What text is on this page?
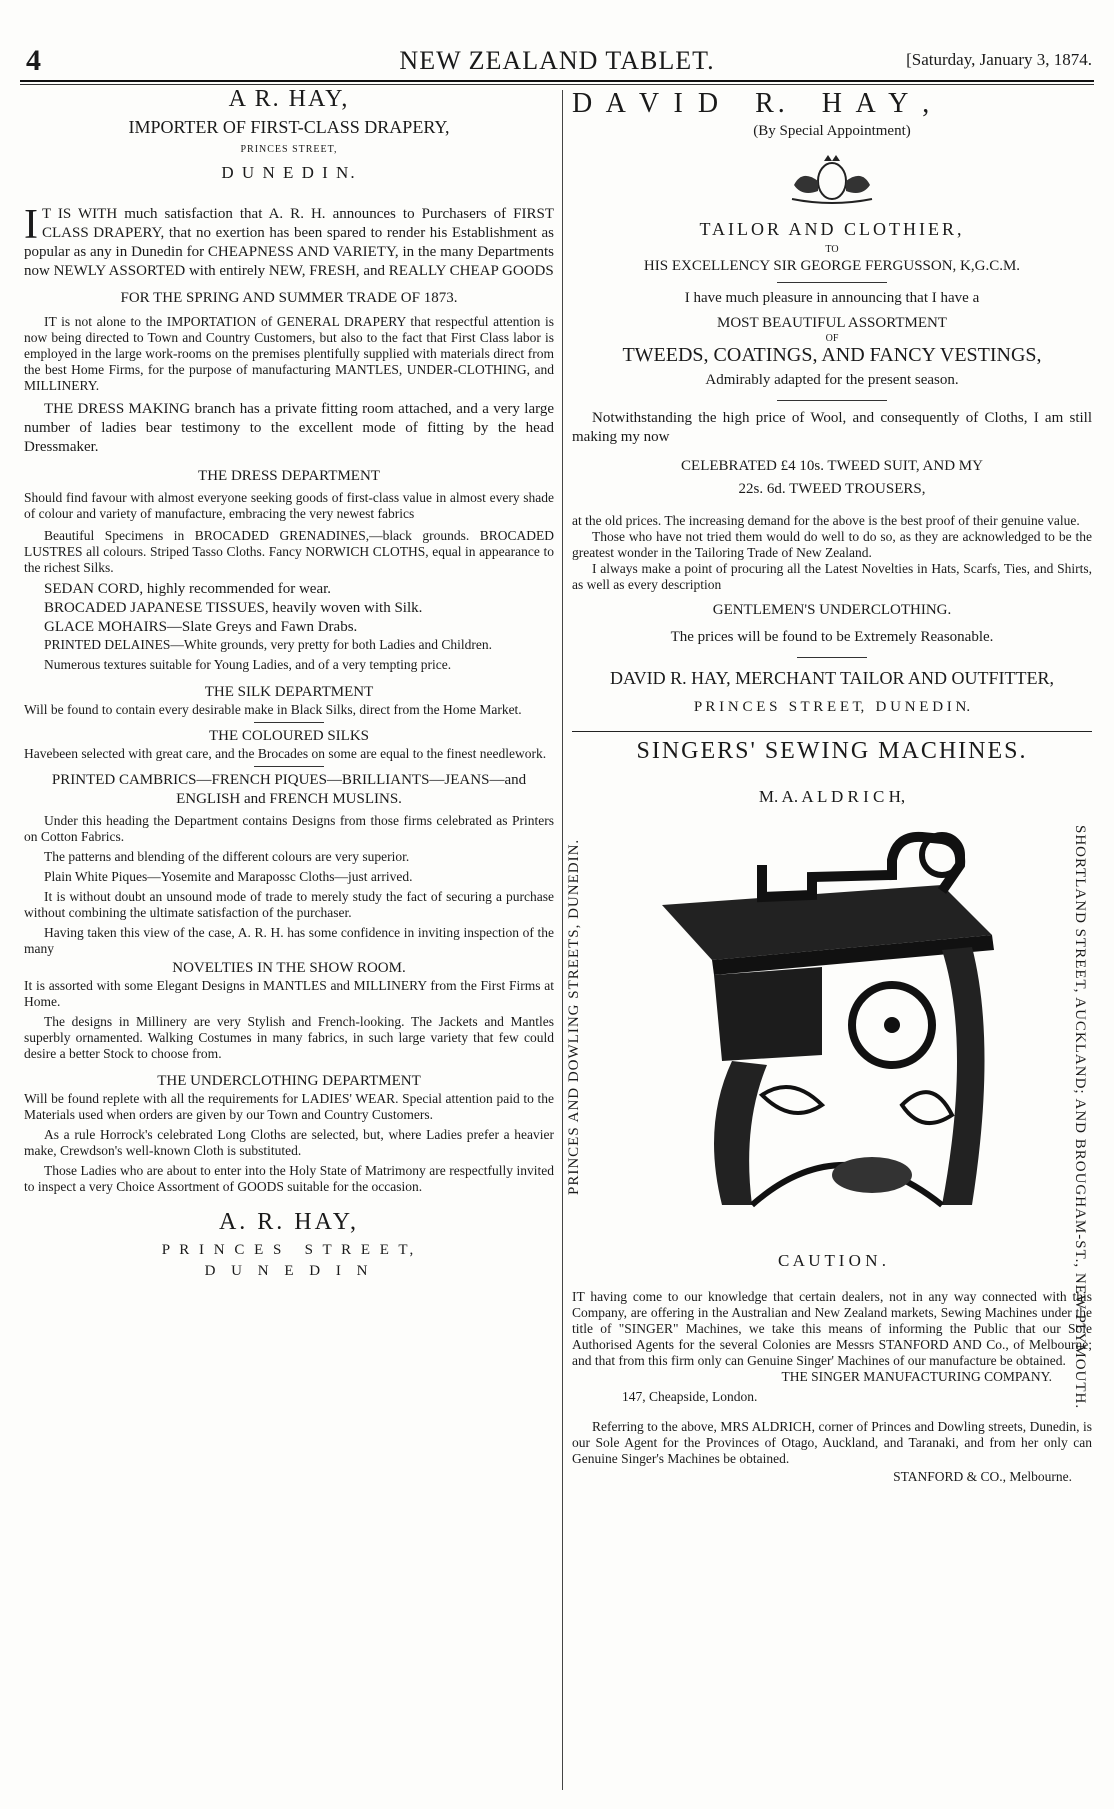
4	NEW ZEALAND TABLET.	[Saturday, January 3, 1874.

A R. HAY,

IMPORTER OF FIRST-CLASS DRAPERY,

PRINCES STREET,

D U N E D I N.

I T IS WITH much satisfaction that A. R. H. announces to Purchasers of FIRST CLASS DRAPERY, that no exertion has been spared to render his Establishment as popular as any in Dunedin for CHEAPNESS AND VARIETY, in the many Departments now NEWLY ASSORTED with entirely NEW, FRESH, and REALLY CHEAP GOODS

FOR THE SPRING AND SUMMER TRADE OF 1873.

IT is not alone to the IMPORTATION of GENERAL DRAPERY that respectful attention is now being directed to Town and Country Customers, but also to the fact that First Class labor is employed in the large work-rooms on the premises plentifully supplied with materials direct from the best Home Firms, for the purpose of manufacturing MANTLES, UNDER-CLOTHING, and MILLINERY.

THE DRESS MAKING branch has a private fitting room attached, and a very large number of ladies bear testimony to the excellent mode of fitting by the head Dressmaker.

THE DRESS DEPARTMENT

Should find favour with almost everyone seeking goods of first-class value in almost every shade of colour and variety of manufacture, embracing the very newest fabrics

Beautiful Specimens in BROCADED GRENADINES,—black grounds. BROCADED LUSTRES all colours. Striped Tasso Cloths. Fancy NORWICH CLOTHS, equal in appearance to the richest Silks.

SEDAN CORD, highly recommended for wear.

BROCADED JAPANESE TISSUES, heavily woven with Silk.

GLACE MOHAIRS—Slate Greys and Fawn Drabs.

PRINTED DELAINES—White grounds, very pretty for both Ladies and Children.

Numerous textures suitable for Young Ladies, and of a very tempting price.

THE SILK DEPARTMENT

Will be found to contain every desirable make in Black Silks, direct from the Home Market.

THE COLOURED SILKS

Havebeen selected with great care, and the Brocades on some are equal to the finest needlework.

PRINTED CAMBRICS—FRENCH PIQUES—BRILLIANTS—JEANS—and ENGLISH and FRENCH MUSLINS.

Under this heading the Department contains Designs from those firms celebrated as Printers on Cotton Fabrics.

The patterns and blending of the different colours are very superior.

Plain White Piques—Yosemite and Marapossc Cloths—just arrived.

It is without doubt an unsound mode of trade to merely study the fact of securing a purchase without combining the ultimate satisfaction of the purchaser.

Having taken this view of the case, A. R. H. has some confidence in inviting inspection of the many

NOVELTIES IN THE SHOW ROOM.

It is assorted with some Elegant Designs in MANTLES and MILLINERY from the First Firms at Home.

The designs in Millinery are very Stylish and French-looking. The Jackets and Mantles superbly ornamented. Walking Costumes in many fabrics, in such large variety that few could desire a better Stock to choose from.

THE UNDERCLOTHING DEPARTMENT

Will be found replete with all the requirements for LADIES' WEAR. Special attention paid to the Materials used when orders are given by our Town and Country Customers.

As a rule Horrock's celebrated Long Cloths are selected, but, where Ladies prefer a heavier make, Crewdson's well-known Cloth is substituted.

Those Ladies who are about to enter into the Holy State of Matrimony are respectfully invited to inspect a very Choice Assortment of GOODS suitable for the occasion.

A. R. HAY,

P R I N C E S   S T R E E T,

D U N E D I N

D A V I D   R.   H A Y ,

(By Special Appointment)

TAILOR AND CLOTHIER,

TO

HIS EXCELLENCY SIR GEORGE FERGUSSON, K,G.C.M.

I have much pleasure in announcing that I have a

MOST BEAUTIFUL ASSORTMENT

OF

TWEEDS, COATINGS, AND FANCY VESTINGS,

Admirably adapted for the present season.

Notwithstanding the high price of Wool, and consequently of Cloths, I am still making my now

CELEBRATED £4 10s. TWEED SUIT, AND MY

22s. 6d. TWEED TROUSERS,

at the old prices. The increasing demand for the above is the best proof of their genuine value.

Those who have not tried them would do well to do so, as they are acknowledged to be the greatest wonder in the Tailoring Trade of New Zealand.

I always make a point of procuring all the Latest Novelties in Hats, Scarfs, Ties, and Shirts, as well as every description

GENTLEMEN'S UNDERCLOTHING.

The prices will be found to be Extremely Reasonable.

DAVID R. HAY, MERCHANT TAILOR AND OUTFITTER,

P R I N C E S   S T R E E T,   D U N E D I N.

SINGERS' SEWING MACHINES.

M. A. A L D R I C H,

PRINCES AND DOWLING STREETS, DUNEDIN.	SHORTLAND STREET, AUCKLAND; AND BROUGHAM-ST., NEW PLYMOUTH.

C A U T I O N .

IT having come to our knowledge that certain dealers, not in any way connected with this Company, are offering in the Australian and New Zealand markets, Sewing Machines under the title of "SINGER" Machines, we take this means of informing the Public that our Sole Authorised Agents for the several Colonies are Messrs STANFORD AND Co., of Melbourne; and that from this firm only can Genuine Singer' Machines of our manufacture be obtained.

THE SINGER MANUFACTURING COMPANY.

147, Cheapside, London.

Referring to the above, MRS ALDRICH, corner of Princes and Dowling streets, Dunedin, is our Sole Agent for the Provinces of Otago, Auckland, and Taranaki, and from her only can Genuine Singer's Machines be obtained.

STANFORD & CO., Melbourne.
